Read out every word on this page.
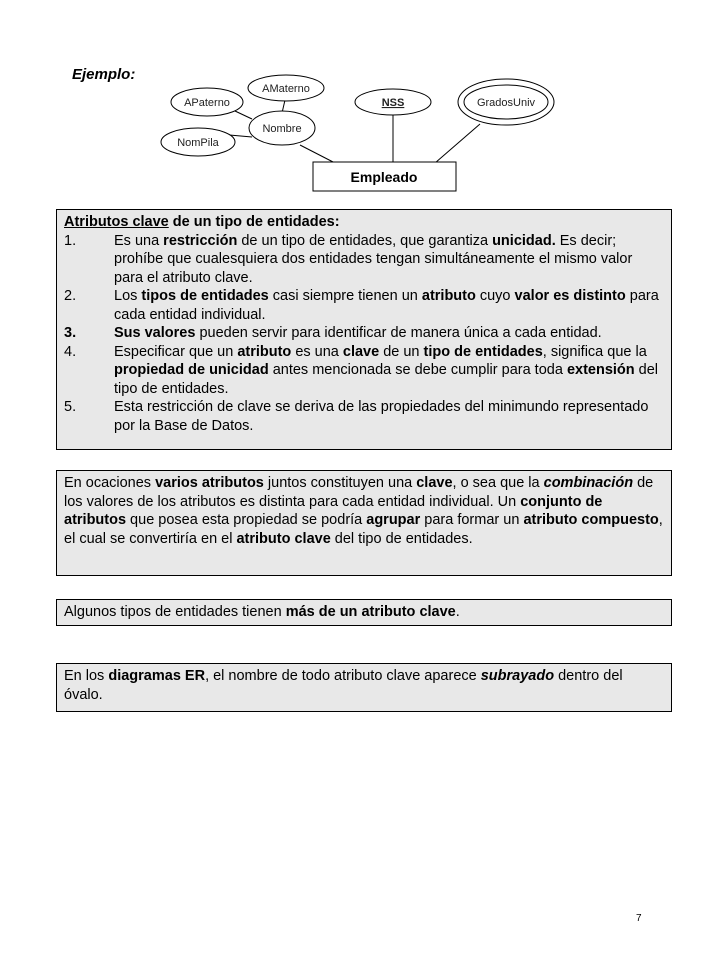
Ejemplo:
AMaterno
APaterno	NSS	GradosUniv
Nombre
NomPila
Empleado

Atributos clave de un tipo de entidades:

1.	Es una restricción de un tipo de entidades, que garantiza unicidad. Es decir; prohíbe que cualesquiera dos entidades tengan simultáneamente el mismo valor para el atributo clave.
2.	Los tipos de entidades casi siempre tienen un atributo cuyo valor es distinto para cada entidad individual.
3.	Sus valores pueden servir para identificar de manera única a cada entidad.
4.	Especificar que un atributo es una clave de un tipo de entidades, significa que la propiedad de unicidad antes mencionada se debe cumplir para toda extensión del tipo de entidades.
5.	Esta restricción de clave se deriva de las propiedades del minimundo representado por la Base de Datos.

En ocaciones varios atributos juntos constituyen una clave, o sea que la combinación de los valores de los atributos es distinta para cada entidad individual. Un conjunto de atributos que posea esta propiedad se podría agrupar para formar un atributo compuesto, el cual se convertiría en el atributo clave del tipo de entidades.

Algunos tipos de entidades tienen más de un atributo clave.

En los diagramas ER, el nombre de todo atributo clave aparece subrayado dentro del óvalo.

7
